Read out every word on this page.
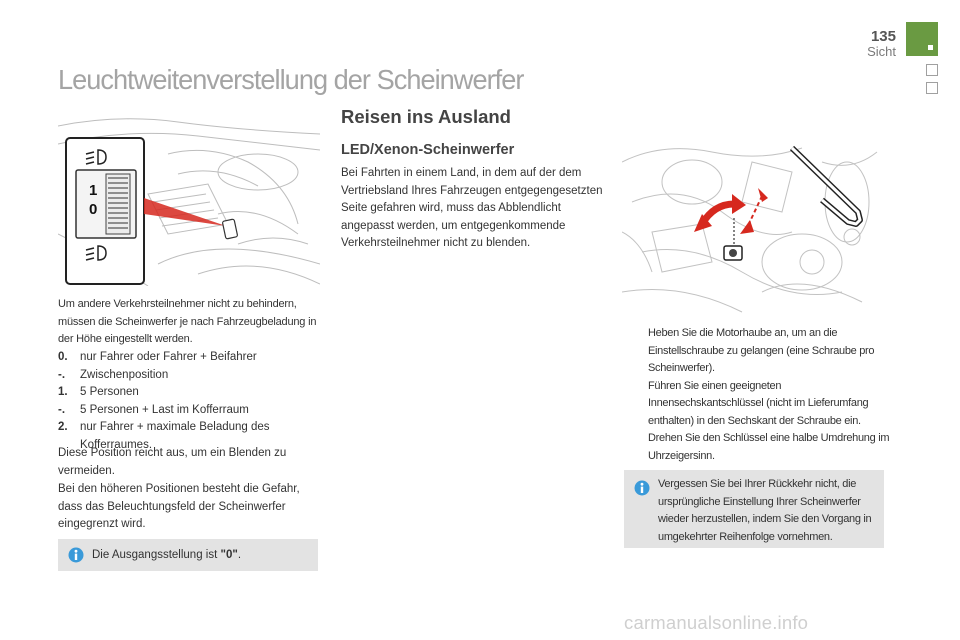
135
Sicht
Leuchtweitenverstellung der Scheinwerfer
1
0
Um andere Verkehrsteilnehmer nicht zu behindern, müssen die Scheinwerfer je nach Fahrzeugbeladung in der Höhe eingestellt werden.
0.	nur Fahrer oder Fahrer + Beifahrer
-.	Zwischenposition
1.	5 Personen
-.	5 Personen + Last im Kofferraum
2.	nur Fahrer + maximale Beladung des Kofferraumes.
Diese Position reicht aus, um ein Blenden zu vermeiden.
Bei den höheren Positionen besteht die Gefahr, dass das Beleuchtungsfeld der Scheinwerfer eingegrenzt wird.
Die Ausgangsstellung ist "0".
Reisen ins Ausland
LED/Xenon-Scheinwerfer
Bei Fahrten in einem Land, in dem auf der dem Vertriebsland Ihres Fahrzeugen entgegengesetzten Seite gefahren wird, muss das Abblendlicht angepasst werden, um entgegenkommende Verkehrsteilnehmer nicht zu blenden.
Heben Sie die Motorhaube an, um an die Einstellschraube zu gelangen (eine Schraube pro Scheinwerfer).
Führen Sie einen geeigneten Innensechskantschlüssel (nicht im Lieferumfang enthalten) in den Sechskant der Schraube ein.
Drehen Sie den Schlüssel eine halbe Umdrehung im Uhrzeigersinn.
Vergessen Sie bei Ihrer Rückkehr nicht, die ursprüngliche Einstellung Ihrer Scheinwerfer wieder herzustellen, indem Sie den Vorgang in umgekehrter Reihenfolge vornehmen.
carmanualsonline.info
